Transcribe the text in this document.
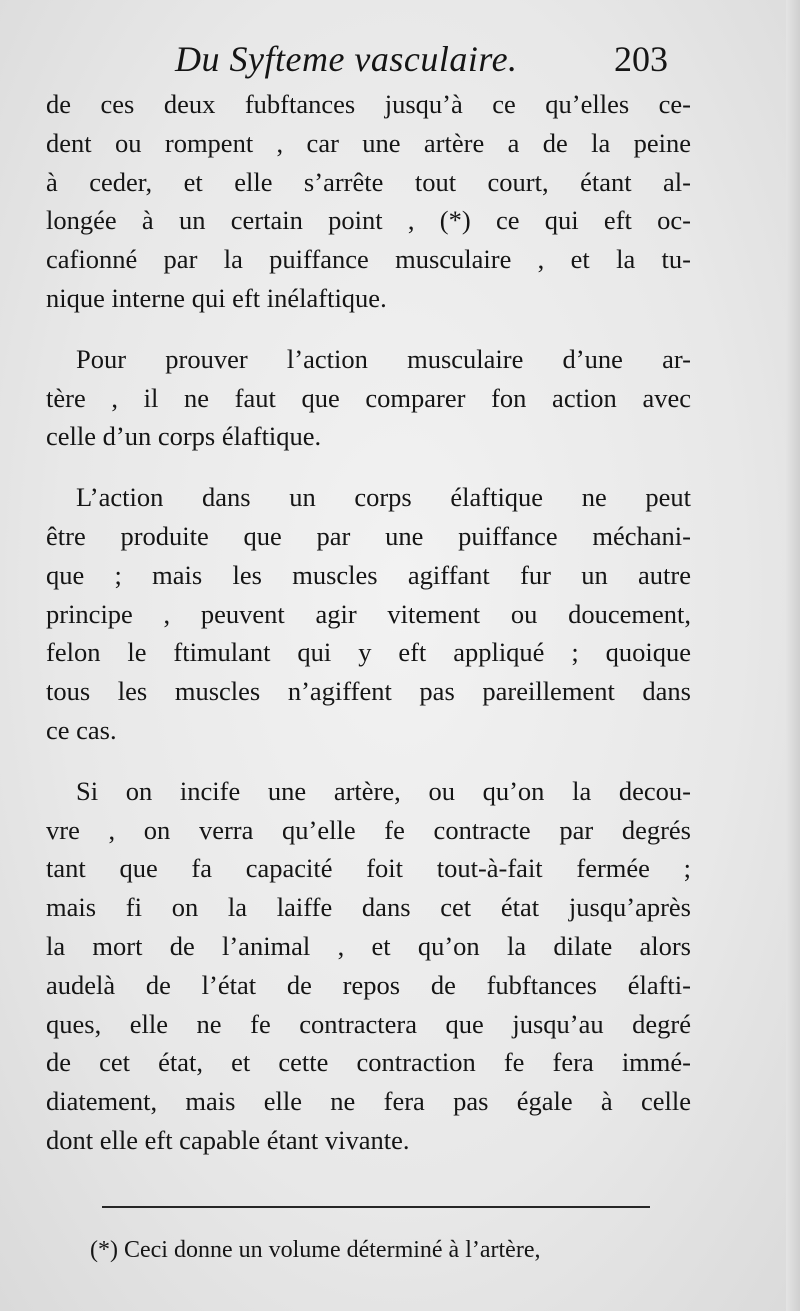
Du Syfteme vasculaire.	203
de ces deux fubftances jusqu’à ce qu’elles ce-
dent ou rompent , car une artère a de la peine
à ceder, et elle s’arrête tout court, étant al-
longée à un certain point , (*) ce qui eft oc-
cafionné par la puiffance musculaire , et la tu-
nique interne qui eft inélaftique.
Pour prouver l’action musculaire d’une ar-
tère , il ne faut que comparer fon action avec
celle d’un corps élaftique.
L’action dans un corps élaftique ne peut
être produite que par une puiffance méchani-
que ; mais les muscles agiffant fur un autre
principe , peuvent agir vitement ou doucement,
felon le ftimulant qui y eft appliqué ; quoique
tous les muscles n’agiffent pas pareillement dans
ce cas.
Si on incife une artère, ou qu’on la decou-
vre , on verra qu’elle fe contracte par degrés
tant que fa capacité foit tout-à-fait fermée ;
mais fi on la laiffe dans cet état jusqu’après
la mort de l’animal , et qu’on la dilate alors
audelà de l’état de repos de fubftances élafti-
ques, elle ne fe contractera que jusqu’au degré
de cet état, et cette contraction fe fera immé-
diatement, mais elle ne fera pas égale à celle
dont elle eft capable étant vivante.
(*) Ceci donne un volume déterminé à l’artère,
